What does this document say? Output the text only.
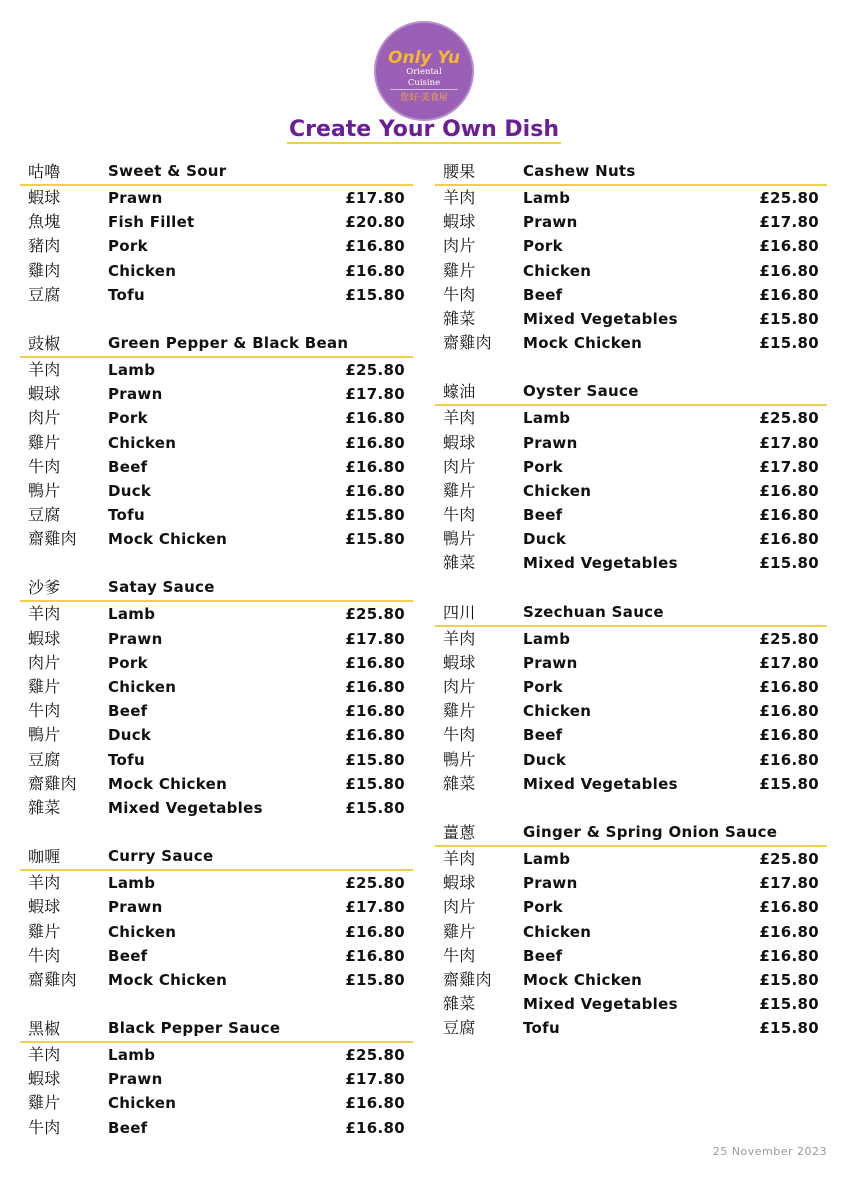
Only Yu
Oriental Cuisine
您好·美食屋
Create Your Own Dish
咕嚕	Sweet & Sour
蝦球	Prawn	£17.80
魚塊	Fish Fillet	£20.80
豬肉	Pork	£16.80
雞肉	Chicken	£16.80
豆腐	Tofu	£15.80
豉椒	Green Pepper & Black Bean
羊肉	Lamb	£25.80
蝦球	Prawn	£17.80
肉片	Pork	£16.80
雞片	Chicken	£16.80
牛肉	Beef	£16.80
鴨片	Duck	£16.80
豆腐	Tofu	£15.80
齋雞肉	Mock Chicken	£15.80
沙爹	Satay Sauce
羊肉	Lamb	£25.80
蝦球	Prawn	£17.80
肉片	Pork	£16.80
雞片	Chicken	£16.80
牛肉	Beef	£16.80
鴨片	Duck	£16.80
豆腐	Tofu	£15.80
齋雞肉	Mock Chicken	£15.80
雜菜	Mixed Vegetables	£15.80
咖喱	Curry Sauce
羊肉	Lamb	£25.80
蝦球	Prawn	£17.80
雞片	Chicken	£16.80
牛肉	Beef	£16.80
齋雞肉	Mock Chicken	£15.80
黑椒	Black Pepper Sauce
羊肉	Lamb	£25.80
蝦球	Prawn	£17.80
雞片	Chicken	£16.80
牛肉	Beef	£16.80
腰果	Cashew Nuts
羊肉	Lamb	£25.80
蝦球	Prawn	£17.80
肉片	Pork	£16.80
雞片	Chicken	£16.80
牛肉	Beef	£16.80
雜菜	Mixed Vegetables	£15.80
齋雞肉	Mock Chicken	£15.80
蠔油	Oyster Sauce
羊肉	Lamb	£25.80
蝦球	Prawn	£17.80
肉片	Pork	£17.80
雞片	Chicken	£16.80
牛肉	Beef	£16.80
鴨片	Duck	£16.80
雜菜	Mixed Vegetables	£15.80
四川	Szechuan Sauce
羊肉	Lamb	£25.80
蝦球	Prawn	£17.80
肉片	Pork	£16.80
雞片	Chicken	£16.80
牛肉	Beef	£16.80
鴨片	Duck	£16.80
雜菜	Mixed Vegetables	£15.80
薑蔥	Ginger & Spring Onion Sauce
羊肉	Lamb	£25.80
蝦球	Prawn	£17.80
肉片	Pork	£16.80
雞片	Chicken	£16.80
牛肉	Beef	£16.80
齋雞肉	Mock Chicken	£15.80
雜菜	Mixed Vegetables	£15.80
豆腐	Tofu	£15.80
25 November 2023
